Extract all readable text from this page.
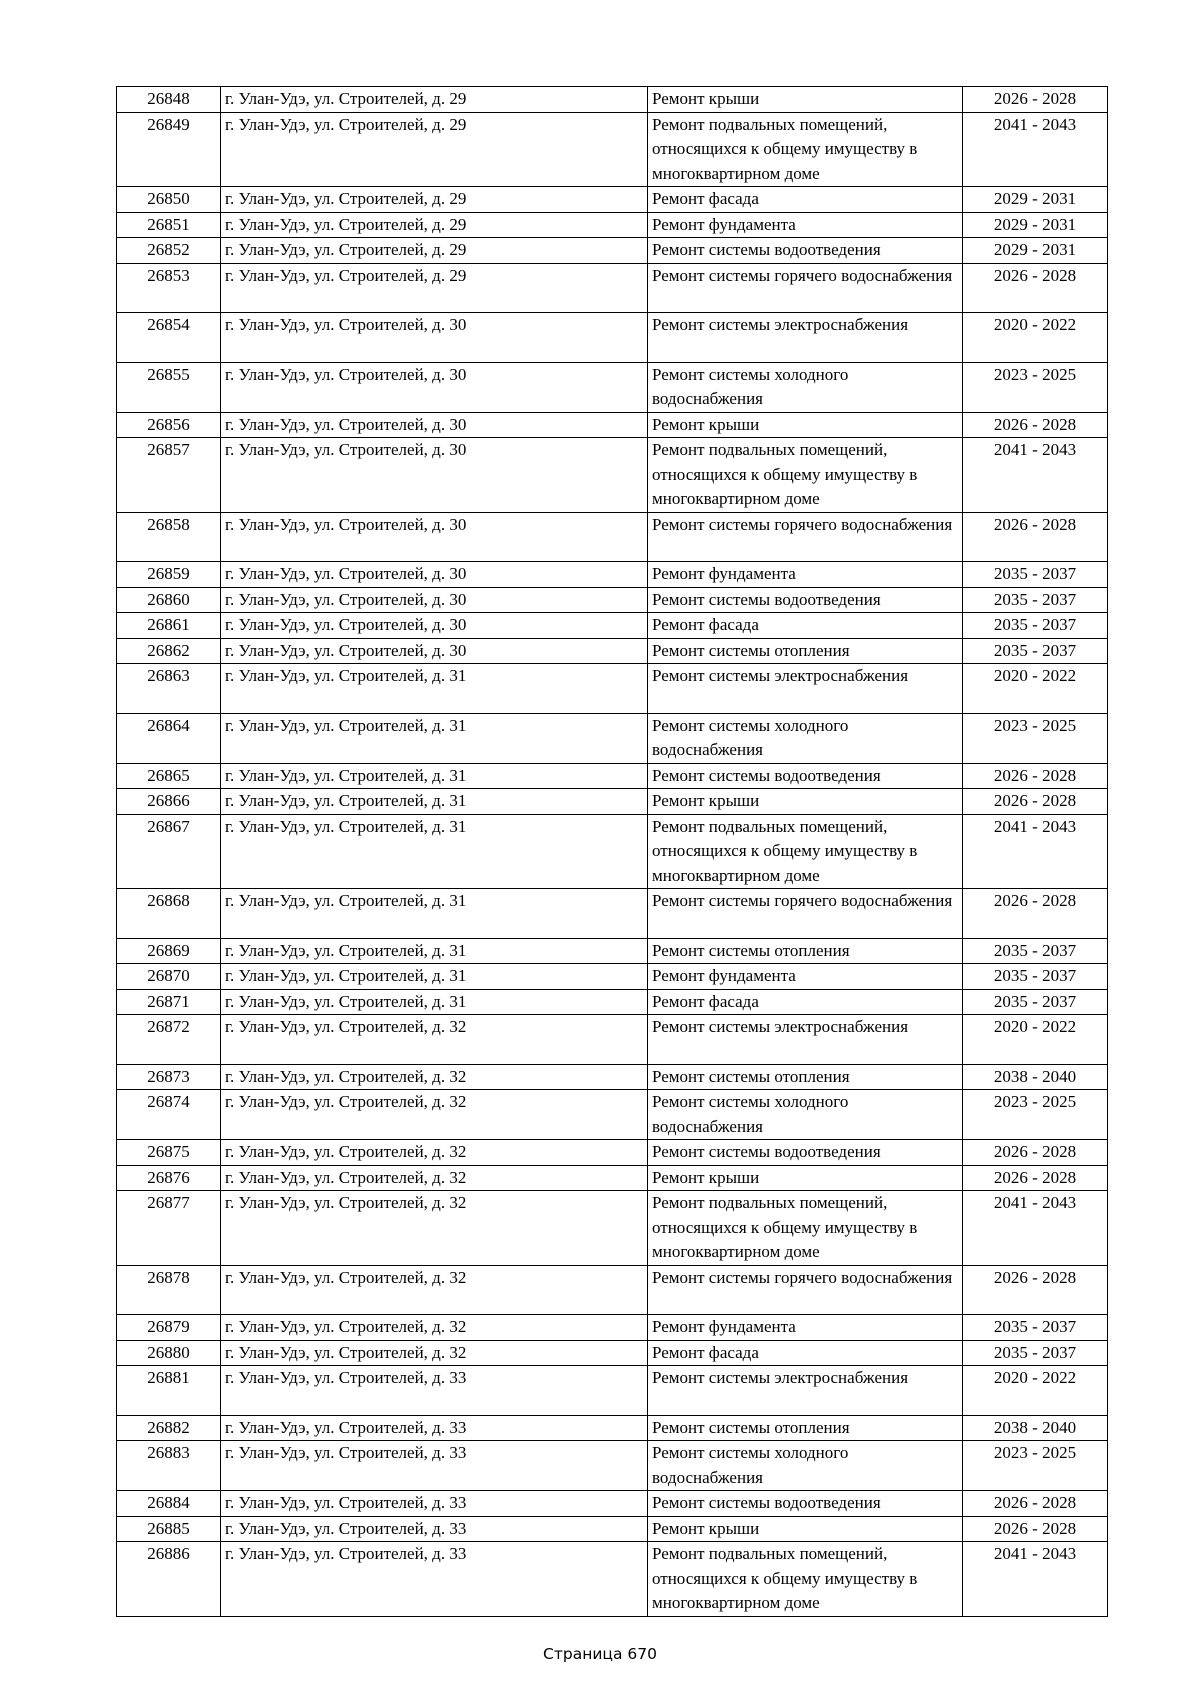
26848	г. Улан-Удэ, ул. Строителей, д. 29	Ремонт крыши	2026 - 2028
26849	г. Улан-Удэ, ул. Строителей, д. 29	Ремонт подвальных помещений, относящихся к общему имуществу в многоквартирном доме	2041 - 2043
26850	г. Улан-Удэ, ул. Строителей, д. 29	Ремонт фасада	2029 - 2031
26851	г. Улан-Удэ, ул. Строителей, д. 29	Ремонт фундамента	2029 - 2031
26852	г. Улан-Удэ, ул. Строителей, д. 29	Ремонт системы водоотведения	2029 - 2031
26853	г. Улан-Удэ, ул. Строителей, д. 29	Ремонт системы горячего водоснабжения	2026 - 2028
26854	г. Улан-Удэ, ул. Строителей, д. 30	Ремонт системы электроснабжения	2020 - 2022
26855	г. Улан-Удэ, ул. Строителей, д. 30	Ремонт системы холодного водоснабжения	2023 - 2025
26856	г. Улан-Удэ, ул. Строителей, д. 30	Ремонт крыши	2026 - 2028
26857	г. Улан-Удэ, ул. Строителей, д. 30	Ремонт подвальных помещений, относящихся к общему имуществу в многоквартирном доме	2041 - 2043
26858	г. Улан-Удэ, ул. Строителей, д. 30	Ремонт системы горячего водоснабжения	2026 - 2028
26859	г. Улан-Удэ, ул. Строителей, д. 30	Ремонт фундамента	2035 - 2037
26860	г. Улан-Удэ, ул. Строителей, д. 30	Ремонт системы водоотведения	2035 - 2037
26861	г. Улан-Удэ, ул. Строителей, д. 30	Ремонт фасада	2035 - 2037
26862	г. Улан-Удэ, ул. Строителей, д. 30	Ремонт системы отопления	2035 - 2037
26863	г. Улан-Удэ, ул. Строителей, д. 31	Ремонт системы электроснабжения	2020 - 2022
26864	г. Улан-Удэ, ул. Строителей, д. 31	Ремонт системы холодного водоснабжения	2023 - 2025
26865	г. Улан-Удэ, ул. Строителей, д. 31	Ремонт системы водоотведения	2026 - 2028
26866	г. Улан-Удэ, ул. Строителей, д. 31	Ремонт крыши	2026 - 2028
26867	г. Улан-Удэ, ул. Строителей, д. 31	Ремонт подвальных помещений, относящихся к общему имуществу в многоквартирном доме	2041 - 2043
26868	г. Улан-Удэ, ул. Строителей, д. 31	Ремонт системы горячего водоснабжения	2026 - 2028
26869	г. Улан-Удэ, ул. Строителей, д. 31	Ремонт системы отопления	2035 - 2037
26870	г. Улан-Удэ, ул. Строителей, д. 31	Ремонт фундамента	2035 - 2037
26871	г. Улан-Удэ, ул. Строителей, д. 31	Ремонт фасада	2035 - 2037
26872	г. Улан-Удэ, ул. Строителей, д. 32	Ремонт системы электроснабжения	2020 - 2022
26873	г. Улан-Удэ, ул. Строителей, д. 32	Ремонт системы отопления	2038 - 2040
26874	г. Улан-Удэ, ул. Строителей, д. 32	Ремонт системы холодного водоснабжения	2023 - 2025
26875	г. Улан-Удэ, ул. Строителей, д. 32	Ремонт системы водоотведения	2026 - 2028
26876	г. Улан-Удэ, ул. Строителей, д. 32	Ремонт крыши	2026 - 2028
26877	г. Улан-Удэ, ул. Строителей, д. 32	Ремонт подвальных помещений, относящихся к общему имуществу в многоквартирном доме	2041 - 2043
26878	г. Улан-Удэ, ул. Строителей, д. 32	Ремонт системы горячего водоснабжения	2026 - 2028
26879	г. Улан-Удэ, ул. Строителей, д. 32	Ремонт фундамента	2035 - 2037
26880	г. Улан-Удэ, ул. Строителей, д. 32	Ремонт фасада	2035 - 2037
26881	г. Улан-Удэ, ул. Строителей, д. 33	Ремонт системы электроснабжения	2020 - 2022
26882	г. Улан-Удэ, ул. Строителей, д. 33	Ремонт системы отопления	2038 - 2040
26883	г. Улан-Удэ, ул. Строителей, д. 33	Ремонт системы холодного водоснабжения	2023 - 2025
26884	г. Улан-Удэ, ул. Строителей, д. 33	Ремонт системы водоотведения	2026 - 2028
26885	г. Улан-Удэ, ул. Строителей, д. 33	Ремонт крыши	2026 - 2028
26886	г. Улан-Удэ, ул. Строителей, д. 33	Ремонт подвальных помещений, относящихся к общему имуществу в многоквартирном доме	2041 - 2043
Страница 670
